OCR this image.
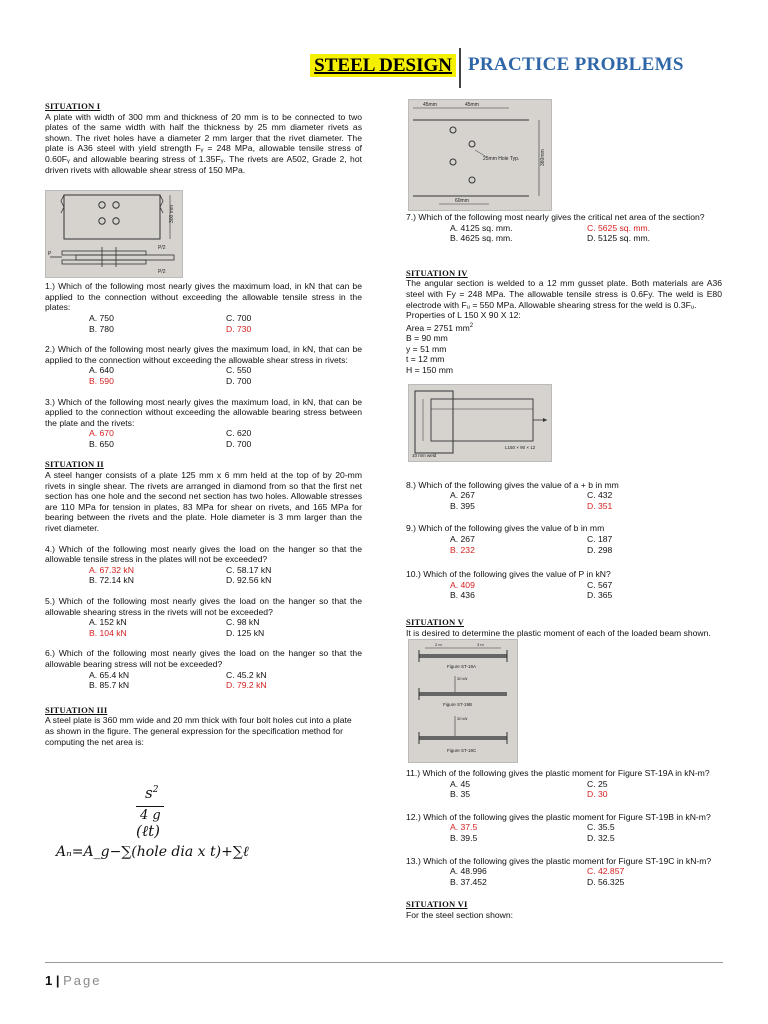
STEEL DESIGN PRACTICE PROBLEMS
SITUATION I

A plate with width of 300 mm and thickness of 20 mm is to be connected to two plates of the same width with half the thickness by 25 mm diameter rivets as shown. The rivet holes have a diameter 2 mm larger that the rivet diameter. The plate is A36 steel with yield strength Fᵧ = 248 MPa, allowable tensile stress of 0.60Fᵧ and allowable bearing stress of 1.35Fᵧ. The rivets are A502, Grade 2, hot driven rivets with allowable shear stress of 150 MPa.

1.) Which of the following most nearly gives the maximum load, in kN that can be applied to the connection without exceeding the allowable tensile stress in the plates:

A. 750	C. 700
B. 780	D. 730

2.) Which of the following most nearly gives the maximum load, in kN, that can be applied to the connection without exceeding the allowable shear stress in rivets:

A. 640	C. 550
B. 590	D. 700

3.) Which of the following most nearly gives the maximum load, in kN, that can be applied to the connection without exceeding the allowable bearing stress between the plate and the rivets:

A. 670	C. 620
B. 650	D. 700
SITUATION II

A steel hanger consists of a plate 125 mm x 6 mm held at the top of by 20-mm rivets in single shear. The rivets are arranged in diamond from so that the first net section has one hole and the second net section has two holes. Allowable stresses are 110 MPa for tension in plates, 83 MPa for shear on rivets, and 165 MPa for bearing between the rivets and the plate. Hole diameter is 3 mm larger than the rivet diameter.

4.) Which of the following most nearly gives the load on the hanger so that the allowable tensile stress in the plates will not be exceeded?

A. 67.32 kN	C. 58.17 kN
B. 72.14 kN	D. 92.56 kN

5.) Which of the following most nearly gives the load on the hanger so that the allowable shearing stress in the rivets will not be exceeded?

A. 152 kN	C. 98 kN
B. 104 kN	D. 125 kN

6.) Which of the following most nearly gives the load on the hanger so that the allowable bearing stress will not be exceeded?

A. 65.4 kN	C. 45.2 kN
B. 85.7 kN	D. 79.2 kN
SITUATION III

A steel plate is 360 mm wide and 20 mm thick with four bolt holes cut into a plate as shown in the figure. The general expression for the specification method for computing the net area is:

$s^2$
4 g
(ℓt)
Aₙ=A_g−∑(hole dia x t)+∑ℓ
300 mm
P
P/2
P/2
45mm	45mm
25mm Hole Typ.	360mm
60mm

7.) Which of the following most nearly gives the critical net area of the section?

A. 4125 sq. mm.	C. 5625 sq. mm.
B. 4625 sq. mm.	D. 5125 sq. mm.
SITUATION IV

The angular section is welded to a 12 mm gusset plate. Both materials are A36 steel with Fy = 248 MPa. The allowable tensile stress is 0.6Fy. The weld is E80 electrode with Fᵤ = 550 MPa. Allowable shearing stress for the weld is 0.3Fᵤ.

Properties of L 150 X 90 X 12:
Area = 2751 $mm^2$
B = 90 mm
y = 51 mm
t = 12 mm
H = 150 mm

8.) Which of the following gives the value of a + b in mm

A. 267	C. 432
B. 395	D. 351

9.) Which of the following gives the value of b in mm

A. 267	C. 187
B. 232	D. 298

10.) Which of the following gives the value of P in kN?

A. 409	C. 567
B. 436	D. 365
SITUATION V

It is desired to determine the plastic moment of each of the loaded beam shown.

11.) Which of the following gives the plastic moment for Figure ST-19A in kN-m?

A. 45	C. 25
B. 35	D. 30

12.) Which of the following gives the plastic moment for Figure ST-19B in kN-m?

A. 37.5	C. 35.5
B. 39.5	D. 32.5

13.) Which of the following gives the plastic moment for Figure ST-19C in kN-m?

A. 48.996	C. 42.857
B. 37.452	D. 56.325
SITUATION VI

For the steel section shown:

10 mm weld
L150 × 90 × 12
2 m	3 m
Figure ST-19A
30 kN
Figure ST-19B
30 kN
Figure ST-19C
1 | Page
